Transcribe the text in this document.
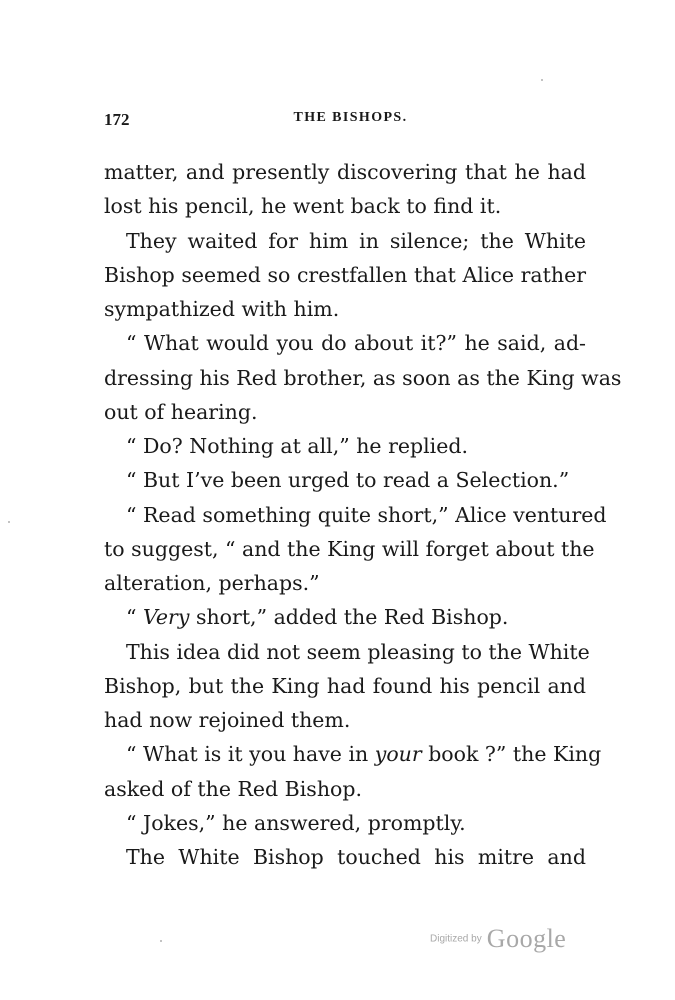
172	THE BISHOPS.
matter, and presently discovering that he had
lost his pencil, he went back to find it.
They waited for him in silence; the White
Bishop seemed so crestfallen that Alice rather
sympathized with him.
“ What would you do about it?” he said, ad-
dressing his Red brother, as soon as the King was
out of hearing.
“ Do? Nothing at all,” he replied.
“ But I’ve been urged to read a Selection.”
“ Read something quite short,” Alice ventured
to suggest, “ and the King will forget about the
alteration, perhaps.”
“ Very short,” added the Red Bishop.
This idea did not seem pleasing to the White
Bishop, but the King had found his pencil and
had now rejoined them.
“ What is it you have in your book ?” the King
asked of the Red Bishop.
“ Jokes,” he answered, promptly.
The White Bishop touched his mitre and
Digitized by Google
